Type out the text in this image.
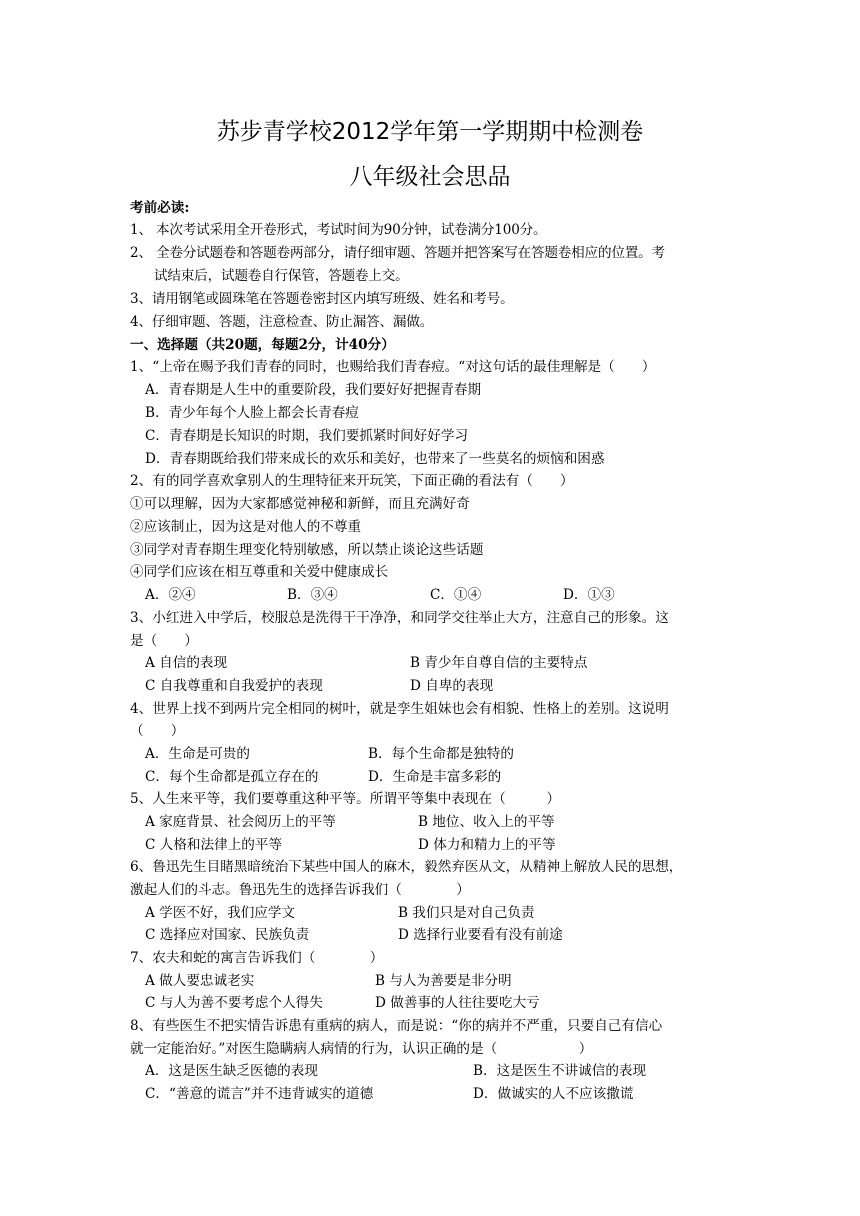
苏步青学校2012学年第一学期期中检测卷
八年级社会思品
考前必读:
1、 本次考试采用全开卷形式，考试时间为90分钟，试卷满分100分。
2、 全卷分试题卷和答题卷两部分，请仔细审题、答题并把答案写在答题卷相应的位置。考
试结束后，试题卷自行保管，答题卷上交。
3、请用钢笔或圆珠笔在答题卷密封区内填写班级、姓名和考号。
4、仔细审题、答题，注意检查、防止漏答、漏做。
一、选择题（共20题，每题2分，计40分）
1、“上帝在赐予我们青春的同时，也赐给我们青春痘。“对这句话的最佳理解是（　　）
A．青春期是人生中的重要阶段，我们要好好把握青春期
B．青少年每个人脸上都会长青春痘
C．青春期是长知识的时期，我们要抓紧时间好好学习
D．青春期既给我们带来成长的欢乐和美好，也带来了一些莫名的烦恼和困惑
2、有的同学喜欢拿别人的生理特征来开玩笑，下面正确的看法有（　　）
①可以理解，因为大家都感觉神秘和新鲜，而且充满好奇
②应该制止，因为这是对他人的不尊重
③同学对青春期生理变化特别敏感，所以禁止谈论这些话题
④同学们应该在相互尊重和关爱中健康成长
A．②④	B．③④	C．①④	D．①③
3、小红进入中学后，校服总是洗得干干净净，和同学交往举止大方，注意自己的形象。这
是（　　）
A 自信的表现	B 青少年自尊自信的主要特点
C 自我尊重和自我爱护的表现	D 自卑的表现
4、世界上找不到两片完全相同的树叶，就是孪生姐妹也会有相貌、性格上的差别。这说明
（　　）
A．生命是可贵的	B．每个生命都是独特的
C．每个生命都是孤立存在的	D．生命是丰富多彩的
5、人生来平等，我们要尊重这种平等。所谓平等集中表现在（　　　）
A 家庭背景、社会阅历上的平等	B 地位、收入上的平等
C 人格和法律上的平等	D 体力和精力上的平等
6、鲁迅先生目睹黑暗统治下某些中国人的麻木，毅然弃医从文，从精神上解放人民的思想，
激起人们的斗志。鲁迅先生的选择告诉我们（　　　　）
A 学医不好，我们应学文	B 我们只是对自己负责
C 选择应对国家、民族负责	D 选择行业要看有没有前途
7、农夫和蛇的寓言告诉我们（　　　　）
A 做人要忠诚老实	B 与人为善要是非分明
C 与人为善不要考虑个人得失	D 做善事的人往往要吃大亏
8、有些医生不把实情告诉患有重病的病人，而是说：“你的病并不严重，只要自己有信心
就一定能治好。”对医生隐瞒病人病情的行为，认识正确的是（　　　　　　）
A．这是医生缺乏医德的表现	B．这是医生不讲诚信的表现
C．“善意的谎言”并不违背诚实的道德	D．做诚实的人不应该撒谎
